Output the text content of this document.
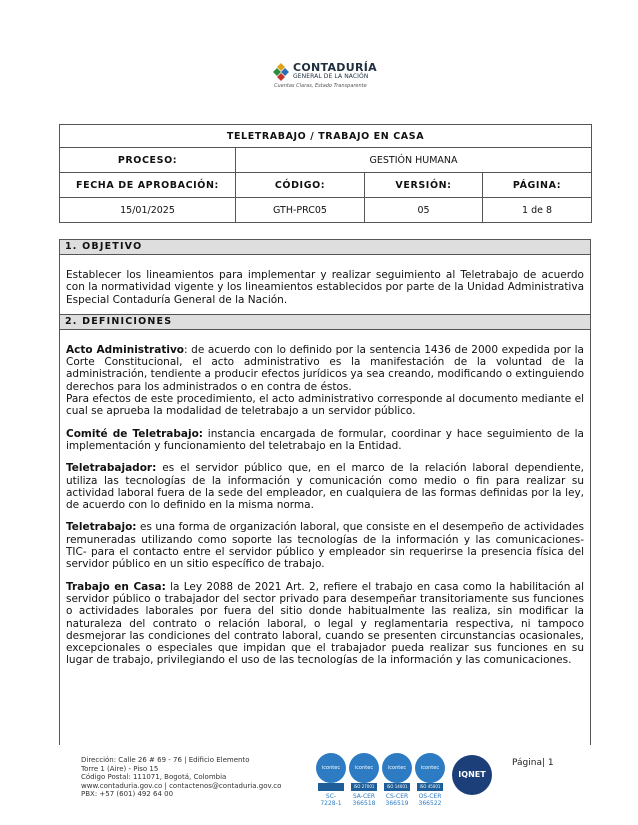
CONTADURÍA
GENERAL DE LA NACIÓN
Cuentas Claras, Estado Transparente
TELETRABAJO / TRABAJO EN CASA			
PROCESO:	GESTIÓN HUMANA		
FECHA DE APROBACIÓN:	CÓDIGO:	VERSIÓN:	PÁGINA:
15/01/2025	GTH-PRC05	05	1 de 8
1. OBJETIVO

Establecer los lineamientos para implementar y realizar seguimiento al Teletrabajo de acuerdo con la normatividad vigente y los lineamientos establecidos por parte de la Unidad Administrativa Especial Contaduría General de la Nación.

2. DEFINICIONES

Acto Administrativo: de acuerdo con lo definido por la sentencia 1436 de 2000 expedida por la Corte Constitucional, el acto administrativo es la manifestación de la voluntad de la administración, tendiente a producir efectos jurídicos ya sea creando, modificando o extinguiendo derechos para los administrados o en contra de éstos.

Para efectos de este procedimiento, el acto administrativo corresponde al documento mediante el cual se aprueba la modalidad de teletrabajo a un servidor público.

Comité de Teletrabajo: instancia encargada de formular, coordinar y hace seguimiento de la implementación y funcionamiento del teletrabajo en la Entidad.

Teletrabajador: es el servidor público que, en el marco de la relación laboral dependiente, utiliza las tecnologías de la información y comunicación como medio o fin para realizar su actividad laboral fuera de la sede del empleador, en cualquiera de las formas definidas por la ley, de acuerdo con lo definido en la misma norma.

Teletrabajo: es una forma de organización laboral, que consiste en el desempeño de actividades remuneradas utilizando como soporte las tecnologías de la información y las comunicaciones- TIC- para el contacto entre el servidor público y empleador sin requerirse la presencia física del servidor público en un sitio específico de trabajo.

Trabajo en Casa: la Ley 2088 de 2021 Art. 2, refiere el trabajo en casa como la habilitación al servidor público o trabajador del sector privado para desempeñar transitoriamente sus funciones o actividades laborales por fuera del sitio donde habitualmente las realiza, sin modificar la naturaleza del contrato o relación laboral, o legal y reglamentaria respectiva, ni tampoco desmejorar las condiciones del contrato laboral, cuando se presenten circunstancias ocasionales, excepcionales o especiales que impidan que el trabajador pueda realizar sus funciones en su lugar de trabajo, privilegiando el uso de las tecnologías de la información y las comunicaciones.

Dirección: Calle 26 # 69 - 76 | Edificio Elemento
Torre 1 (Aire) - Piso 15
Código Postal: 111071, Bogotá, Colombia
www.contaduria.gov.co | contactenos@contaduria.gov.co
PBX: +57 (601) 492 64 00
icontec
SC-
7228-1
icontec
ISO 27001
SA-CER
366518
icontec
ISO 14001
CS-CER
366519
icontec
ISO 45001
OS-CER
366522
IQNET
Página| 1
